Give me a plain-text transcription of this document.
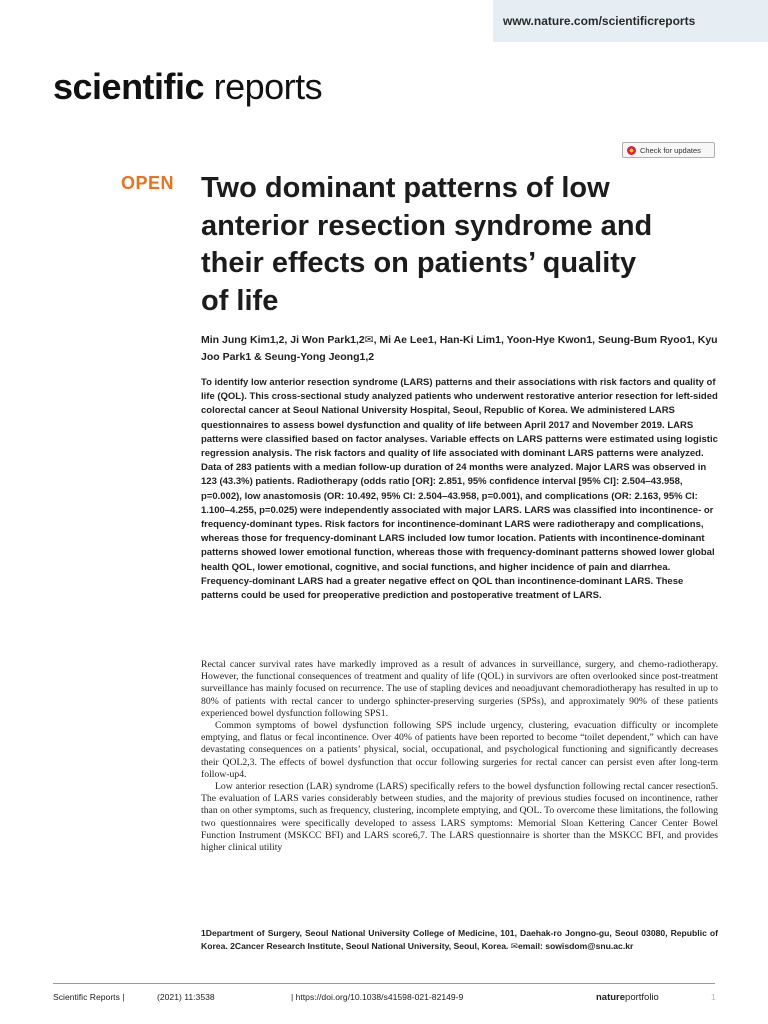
www.nature.com/scientificreports
scientific reports
Check for updates
OPEN Two dominant patterns of low anterior resection syndrome and their effects on patients’ quality of life

Min Jung Kim1,2, Ji Won Park1,2✉, Mi Ae Lee1, Han-Ki Lim1, Yoon-Hye Kwon1, Seung-Bum Ryoo1, Kyu Joo Park1 & Seung-Yong Jeong1,2

To identify low anterior resection syndrome (LARS) patterns and their associations with risk factors and quality of life (QOL). This cross-sectional study analyzed patients who underwent restorative anterior resection for left-sided colorectal cancer at Seoul National University Hospital, Seoul, Republic of Korea. We administered LARS questionnaires to assess bowel dysfunction and quality of life between April 2017 and November 2019. LARS patterns were classified based on factor analyses. Variable effects on LARS patterns were estimated using logistic regression analysis. The risk factors and quality of life associated with dominant LARS patterns were analyzed. Data of 283 patients with a median follow-up duration of 24 months were analyzed. Major LARS was observed in 123 (43.3%) patients. Radiotherapy (odds ratio [OR]: 2.851, 95% confidence interval [95% CI]: 2.504–43.958, p=0.002), low anastomosis (OR: 10.492, 95% CI: 2.504–43.958, p=0.001), and complications (OR: 2.163, 95% CI: 1.100–4.255, p=0.025) were independently associated with major LARS. LARS was classified into incontinence- or frequency-dominant types. Risk factors for incontinence-dominant LARS were radiotherapy and complications, whereas those for frequency-dominant LARS included low tumor location. Patients with incontinence-dominant patterns showed lower emotional function, whereas those with frequency-dominant patterns showed lower global health QOL, lower emotional, cognitive, and social functions, and higher incidence of pain and diarrhea. Frequency-dominant LARS had a greater negative effect on QOL than incontinence-dominant LARS. These patterns could be used for preoperative prediction and postoperative treatment of LARS.

Rectal cancer survival rates have markedly improved as a result of advances in surveillance, surgery, and chemo-radiotherapy. However, the functional consequences of treatment and quality of life (QOL) in survivors are often overlooked since post-treatment surveillance has mainly focused on recurrence. The use of stapling devices and neoadjuvant chemoradiotherapy has resulted in up to 80% of patients with rectal cancer to undergo sphincter-preserving surgeries (SPSs), and approximately 90% of these patients experienced bowel dysfunction following SPS1.

Common symptoms of bowel dysfunction following SPS include urgency, clustering, evacuation difficulty or incomplete emptying, and flatus or fecal incontinence. Over 40% of patients have been reported to become “toilet dependent,” which can have devastating consequences on a patients’ physical, social, occupational, and psychological functioning and significantly decreases their QOL2,3. The effects of bowel dysfunction that occur following surgeries for rectal cancer can persist even after long-term follow-up4.

Low anterior resection (LAR) syndrome (LARS) specifically refers to the bowel dysfunction following rectal cancer resection5. The evaluation of LARS varies considerably between studies, and the majority of previous studies focused on incontinence, rather than on other symptoms, such as frequency, clustering, incomplete emptying, and QOL. To overcome these limitations, the following two questionnaires were specifically developed to assess LARS symptoms: Memorial Sloan Kettering Cancer Center Bowel Function Instrument (MSKCC BFI) and LARS score6,7. The LARS questionnaire is shorter than the MSKCC BFI, and provides higher clinical utility

1Department of Surgery, Seoul National University College of Medicine, 101, Daehak-ro Jongno-gu, Seoul 03080, Republic of Korea. 2Cancer Research Institute, Seoul National University, Seoul, Korea. ✉email: sowisdom@snu.ac.kr

Scientific Reports |	(2021) 11:3538	| https://doi.org/10.1038/s41598-021-82149-9	natureportfolio	1
